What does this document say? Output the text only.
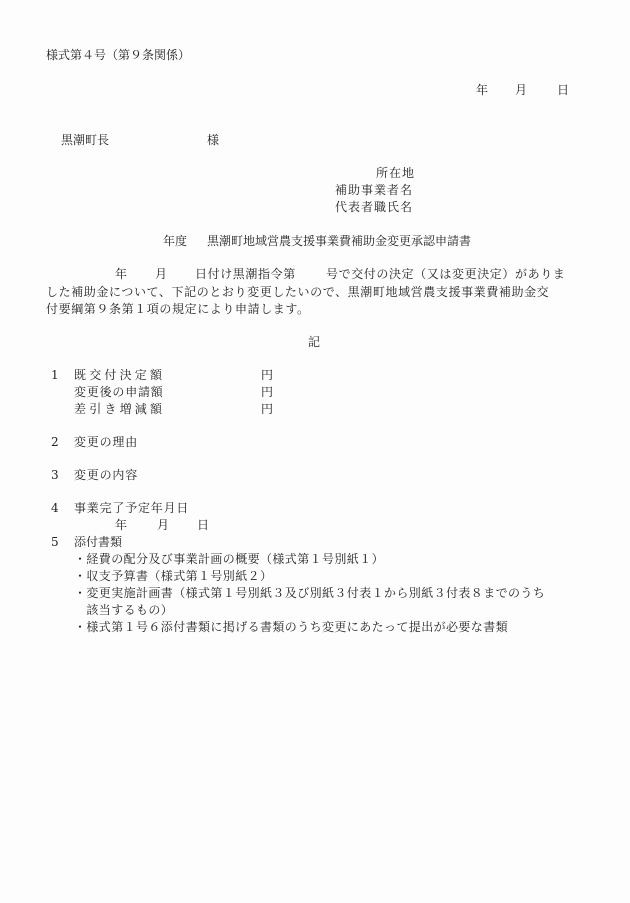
様式第４号（第９条関係）
年 月 日
黒潮町長	様
所在地
補助事業者名
代表者職氏名
年度 黒潮町地域営農支援事業費補助金変更承認申請書
年 月 日付け黒潮指令第	号で交付の決定（又は変更決定）がありま
した補助金について、下記のとおり変更したいので、黒潮町地域営農支援事業費補助金交
付要綱第９条第１項の規定により申請します。
記
1 既交付決定額	円
変更後の申請額	円
差引き増減額	円
2 変更の理由
3 変更の内容
4 事業完了予定年月日
年 月 日
5 添付書類
・経費の配分及び事業計画の概要（様式第１号別紙１）
・収支予算書（様式第１号別紙２）
・変更実施計画書（様式第１号別紙３及び別紙３付表１から別紙３付表８までのうち
　該当するもの）
・様式第１号６添付書類に掲げる書類のうち変更にあたって提出が必要な書類
